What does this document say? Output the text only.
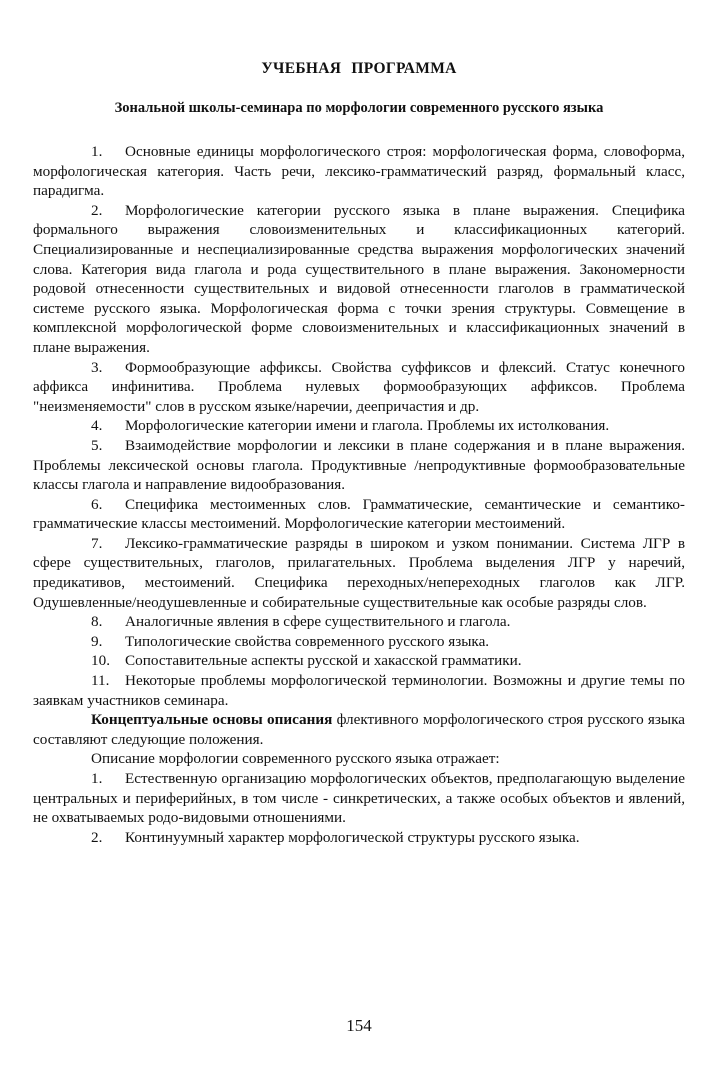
УЧЕБНАЯ ПРОГРАММА

Зональной школы-семинара по морфологии современного русского языка

1. Основные единицы морфологического строя: морфологическая форма, словоформа, морфологическая категория. Часть речи, лексико-грамматический разряд, формальный класс, парадигма.

2. Морфологические категории русского языка в плане выражения. Специфика формального выражения словоизменительных и классификационных категорий. Специализированные и неспециализированные средства выражения морфологических значений слова. Категория вида глагола и рода существительного в плане выражения. Закономерности родовой отнесенности существительных и видовой отнесенности глаголов в грамматической системе русского языка. Морфологическая форма с точки зрения структуры. Совмещение в комплексной морфологической форме словоизменительных и классификационных значений в плане выражения.

3. Формообразующие аффиксы. Свойства суффиксов и флексий. Статус конечного аффикса инфинитива. Проблема нулевых формообразующих аффиксов. Проблема "неизменяемости" слов в русском языке/наречии, деепричастия и др.

4. Морфологические категории имени и глагола. Проблемы их истолкования.

5. Взаимодействие морфологии и лексики в плане содержания и в плане выражения. Проблемы лексической основы глагола. Продуктивные /непродуктивные формообразовательные классы глагола и направление видообразования.

6. Специфика местоименных слов. Грамматические, семантические и семантико-грамматические классы местоимений. Морфологические категории местоимений.

7. Лексико-грамматические разряды в широком и узком понимании. Система ЛГР в сфере существительных, глаголов, прилагательных. Проблема выделения ЛГР у наречий, предикативов, местоимений. Специфика переходных/непереходных глаголов как ЛГР. Одушевленные/неодушевленные и собирательные существительные как особые разряды слов.

8. Аналогичные явления в сфере существительного и глагола.

9. Типологические свойства современного русского языка.

10. Сопоставительные аспекты русской и хакасской грамматики.

11. Некоторые проблемы морфологической терминологии. Возможны и другие темы по заявкам участников семинара.

Концептуальные основы описания флективного морфологического строя русского языка составляют следующие положения.

Описание морфологии современного русского языка отражает:

1. Естественную организацию морфологических объектов, предполагающую выделение центральных и периферийных, в том числе - синкретических, а также особых объектов и явлений, не охватываемых родо-видовыми отношениями.

2. Континуумный характер морфологической структуры русского языка.

154
